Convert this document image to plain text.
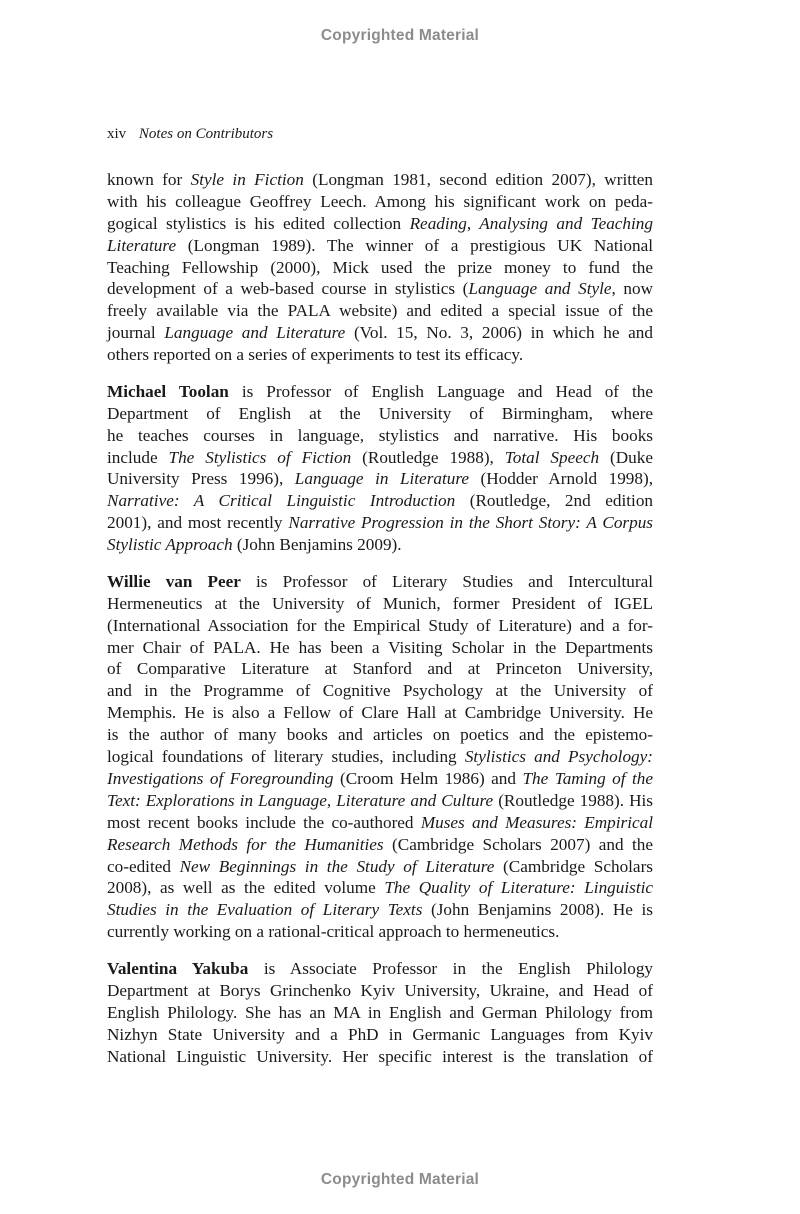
Copyrighted Material
xiv Notes on Contributors
known for Style in Fiction (Longman 1981, second edition 2007), written
with his colleague Geoffrey Leech. Among his significant work on peda-
gogical stylistics is his edited collection Reading, Analysing and Teaching
Literature (Longman 1989). The winner of a prestigious UK National
Teaching Fellowship (2000), Mick used the prize money to fund the
development of a web-based course in stylistics (Language and Style, now
freely available via the PALA website) and edited a special issue of the
journal Language and Literature (Vol. 15, No. 3, 2006) in which he and
others reported on a series of experiments to test its efficacy.
Michael Toolan is Professor of English Language and Head of the
Department of English at the University of Birmingham, where
he teaches courses in language, stylistics and narrative. His books
include The Stylistics of Fiction (Routledge 1988), Total Speech (Duke
University Press 1996), Language in Literature (Hodder Arnold 1998),
Narrative: A Critical Linguistic Introduction (Routledge, 2nd edition
2001), and most recently Narrative Progression in the Short Story: A Corpus
Stylistic Approach (John Benjamins 2009).
Willie van Peer is Professor of Literary Studies and Intercultural
Hermeneutics at the University of Munich, former President of IGEL
(International Association for the Empirical Study of Literature) and a for-
mer Chair of PALA. He has been a Visiting Scholar in the Departments
of Comparative Literature at Stanford and at Princeton University,
and in the Programme of Cognitive Psychology at the University of
Memphis. He is also a Fellow of Clare Hall at Cambridge University. He
is the author of many books and articles on poetics and the epistemo-
logical foundations of literary studies, including Stylistics and Psychology:
Investigations of Foregrounding (Croom Helm 1986) and The Taming of the
Text: Explorations in Language, Literature and Culture (Routledge 1988). His
most recent books include the co-authored Muses and Measures: Empirical
Research Methods for the Humanities (Cambridge Scholars 2007) and the
co-edited New Beginnings in the Study of Literature (Cambridge Scholars
2008), as well as the edited volume The Quality of Literature: Linguistic
Studies in the Evaluation of Literary Texts (John Benjamins 2008). He is
currently working on a rational-critical approach to hermeneutics.
Valentina Yakuba is Associate Professor in the English Philology
Department at Borys Grinchenko Kyiv University, Ukraine, and Head of
English Philology. She has an MA in English and German Philology from
Nizhyn State University and a PhD in Germanic Languages from Kyiv
National Linguistic University. Her specific interest is the translation of
Copyrighted Material
